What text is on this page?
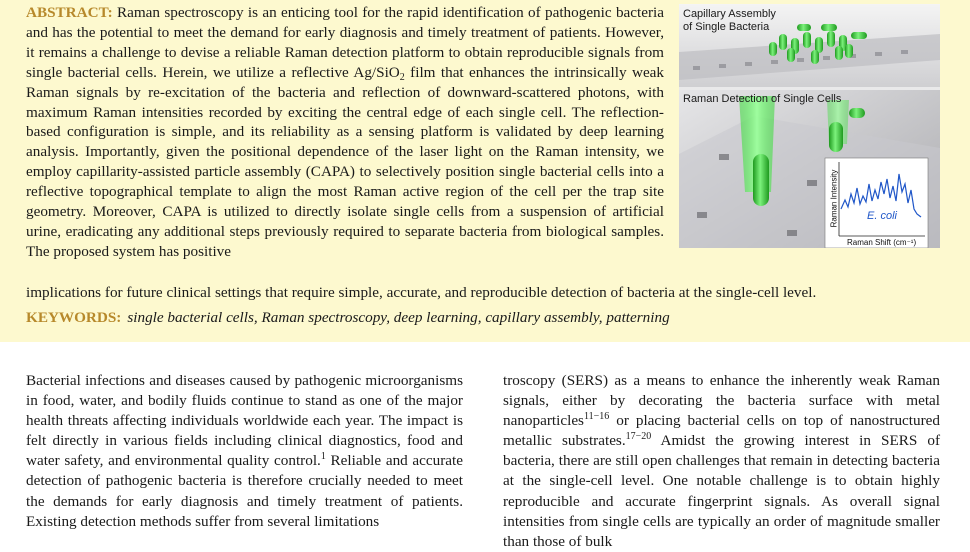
ABSTRACT: Raman spectroscopy is an enticing tool for the rapid identification of pathogenic bacteria and has the potential to meet the demand for early diagnosis and timely treatment of patients. However, it remains a challenge to devise a reliable Raman detection platform to obtain reproducible signals from single bacterial cells. Herein, we utilize a reflective Ag/SiO$_2$ film that enhances the intrinsically weak Raman signals by re-excitation of the bacteria and reflection of downward-scattered photons, with maximum Raman intensities recorded by exciting the central edge of each single cell. The reflection-based configuration is simple, and its reliability as a sensing platform is validated by deep learning analysis. Importantly, given the positional dependence of the laser light on the Raman intensity, we employ capillarity-assisted particle assembly (CAPA) to selectively position single bacterial cells into a reflective topographical template to align the most Raman active region of the cell per the trap site geometry. Moreover, CAPA is utilized to directly isolate single cells from a suspension of artificial urine, eradicating any additional steps previously required to separate bacteria from biological samples. The proposed system has positive
implications for future clinical settings that require simple, accurate, and reproducible detection of bacteria at the single-cell level.
KEYWORDS: single bacterial cells, Raman spectroscopy, deep learning, capillary assembly, patterning
Capillary Assembly
of Single Bacteria
Raman Detection of Single Cells
E. coli
Raman Intensity
Raman Shift (cm⁻¹)
Bacterial infections and diseases caused by pathogenic microorganisms in food, water, and bodily fluids continue to stand as one of the major health threats affecting individuals worldwide each year. The impact is felt directly in various fields including clinical diagnostics, food and water safety, and environmental quality control.$^1$ Reliable and accurate detection of pathogenic bacteria is therefore crucially needed to meet the demands for early diagnosis and timely treatment of patients. Existing detection methods suffer from several limitations
troscopy (SERS) as a means to enhance the inherently weak Raman signals, either by decorating the bacteria surface with metal nanoparticles$^{11-16}$ or placing bacterial cells on top of nanostructured metallic substrates.$^{17-20}$ Amidst the growing interest in SERS of bacteria, there are still open challenges that remain in detecting bacteria at the single-cell level. One notable challenge is to obtain highly reproducible and accurate fingerprint signals. As overall signal intensities from single cells are typically an order of magnitude smaller than those of bulk
